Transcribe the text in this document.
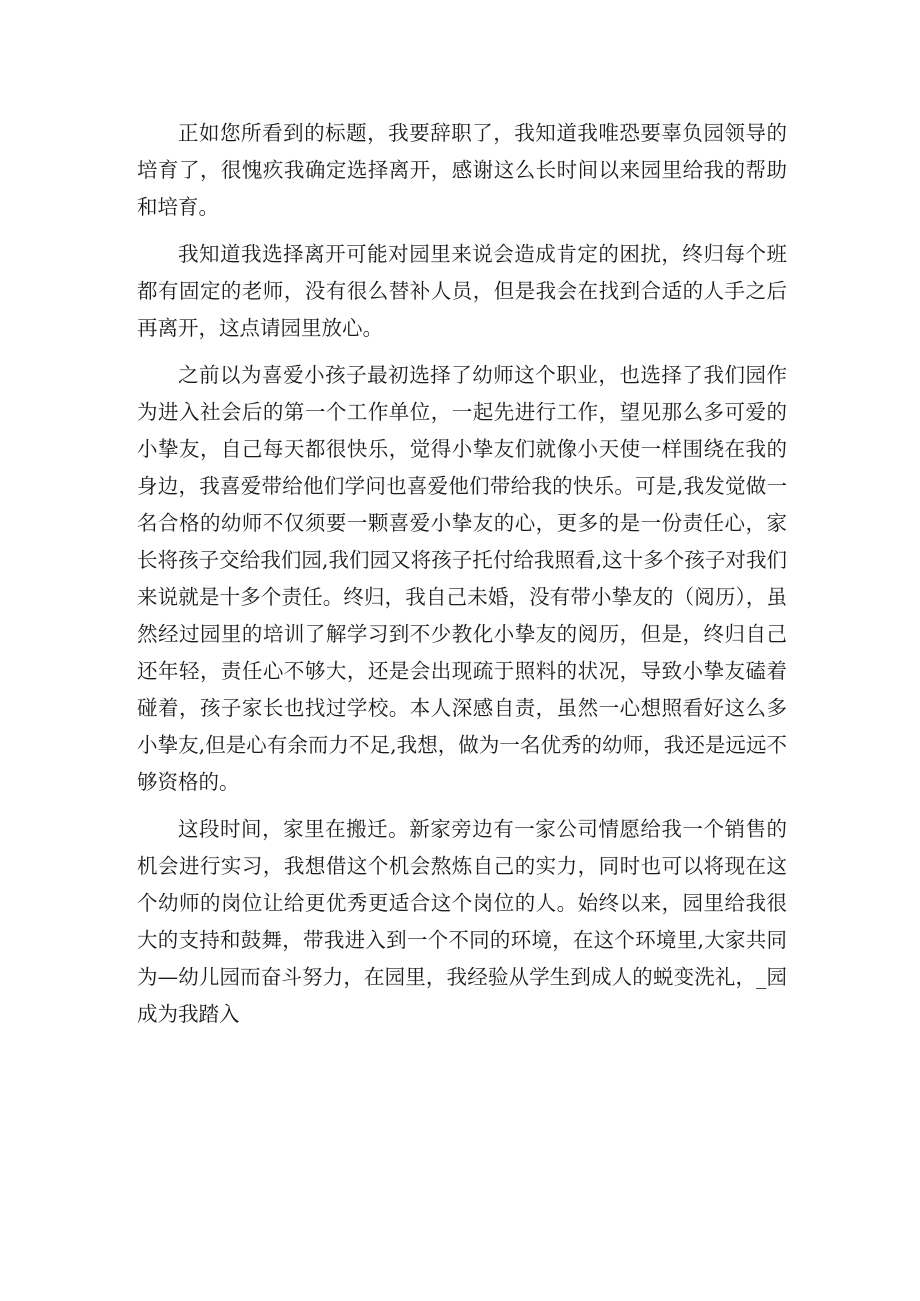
正如您所看到的标题，我要辞职了，我知道我唯恐要辜负园领导的培育了，很愧疚我确定选择离开，感谢这么长时间以来园里给我的帮助和培育。

我知道我选择离开可能对园里来说会造成肯定的困扰，终归每个班都有固定的老师，没有很么替补人员，但是我会在找到合适的人手之后再离开，这点请园里放心。

之前以为喜爱小孩子最初选择了幼师这个职业，也选择了我们园作为进入社会后的第一个工作单位，一起先进行工作，望见那么多可爱的小挚友，自己每天都很快乐，觉得小挚友们就像小天使一样围绕在我的身边，我喜爱带给他们学问也喜爱他们带给我的快乐。可是,我发觉做一名合格的幼师不仅须要一颗喜爱小挚友的心，更多的是一份责任心，家长将孩子交给我们园,我们园又将孩子托付给我照看,这十多个孩子对我们来说就是十多个责任。终归，我自己未婚，没有带小挚友的（阅历），虽然经过园里的培训了解学习到不少教化小挚友的阅历，但是，终归自己还年轻，责任心不够大，还是会出现疏于照料的状况，导致小挚友磕着碰着，孩子家长也找过学校。本人深感自责，虽然一心想照看好这么多小挚友,但是心有余而力不足,我想，做为一名优秀的幼师，我还是远远不够资格的。

这段时间，家里在搬迁。新家旁边有一家公司情愿给我一个销售的机会进行实习，我想借这个机会熬炼自己的实力，同时也可以将现在这个幼师的岗位让给更优秀更适合这个岗位的人。始终以来，园里给我很大的支持和鼓舞，带我进入到一个不同的环境，在这个环境里,大家共同为—幼儿园而奋斗努力，在园里，我经验从学生到成人的蜕变洗礼，_园成为我踏入
